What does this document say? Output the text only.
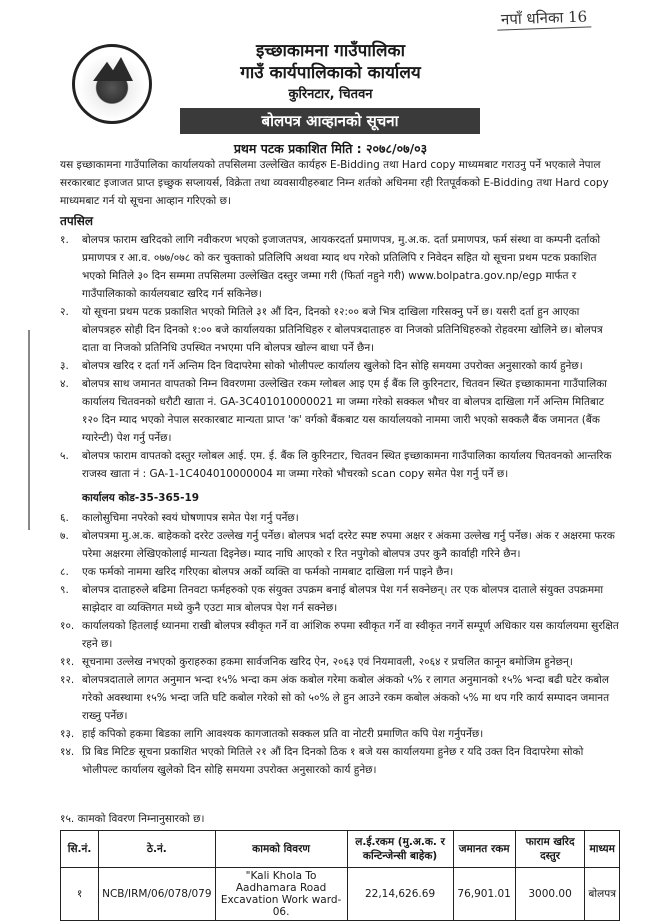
नपाँ धनिका 16
इच्छाकामना गाउँपालिका
गाउँ कार्यपालिकाको कार्यालय
कुरिनटार, चितवन
बोलपत्र आव्हानको सूचना
प्रथम पटक प्रकाशित मिति : २०७८/०७/०३
यस इच्छाकामना गाउँपालिका कार्यालयको तपसिलमा उल्लेखित कार्यहरु E-Bidding तथा Hard copy माध्यमबाट गराउनु पर्ने भएकाले नेपाल सरकारबाट इजाजत प्राप्त इच्छुक सप्लायर्स, विक्रेता तथा व्यवसायीहरुबाट निम्न शर्तको अधिनमा रही रितपूर्वकको E-Bidding तथा Hard copy माध्यमबाट गर्न यो सूचना आव्हान गरिएको छ।
तपसिल
१.	बोलपत्र फाराम खरिदको लागि नवीकरण भएको इजाजतपत्र, आयकरदर्ता प्रमाणपत्र, मु.अ.क. दर्ता प्रमाणपत्र, फर्म संस्था वा कम्पनी दर्ताको प्रमाणपत्र र आ.व. ०७७/०७८ को कर चुक्ताको प्रतिलिपि अथवा म्याद थप गरेको प्रतिलिपि र निवेदन सहित यो सूचना प्रथम पटक प्रकाशित भएको मितिले ३० दिन सम्ममा तपसिलमा उल्लेखित दस्तुर जम्मा गरी (फिर्ता नहुने गरी) www.bolpatra.gov.np/egp मार्फत र गाउँपालिकाको कार्यलयबाट खरिद गर्न सकिनेछ।
२.	यो सूचना प्रथम पटक प्रकाशित भएको मितिले ३१ औं दिन, दिनको १२:०० बजे भित्र दाखिला गरिसक्नु पर्ने छ। यसरी दर्ता हुन आएका बोलपत्रहरु सोही दिन दिनको १:०० बजे कार्यालयका प्रतिनिधिहरु र बोलपत्रदाताहरु वा निजको प्रतिनिधिहरुको रोहवरमा खोलिने छ। बोलपत्र दाता वा निजको प्रतिनिधि उपस्थित नभएमा पनि बोलपत्र खोल्न बाधा पर्ने छैन।
३.	बोलपत्र खरिद र दर्ता गर्ने अन्तिम दिन विदापरेमा सोको भोलीपल्ट कार्यालय खुलेको दिन सोहि समयमा उपरोक्त अनुसारको कार्य हुनेछ।
४.	बोलपत्र साथ जमानत वापतको निम्न विवरणमा उल्लेखित रकम ग्लोबल आइ एम ई बैंक लि कुरिनटार, चितवन स्थित इच्छाकामना गाउँपालिका कार्यालय चितवनको धरौटी खाता नं. GA-3C401010000021 मा जम्मा गरेको सक्कल भौचर वा बोलपत्र दाखिला गर्ने अन्तिम मितिबाट १२० दिन म्याद भएको नेपाल सरकारबाट मान्यता प्राप्त 'क' वर्गको बैंकबाट यस कार्यालयको नाममा जारी भएको सक्कलै बैंक जमानत (बैंक ग्यारेन्टी) पेश गर्नु पर्नेछ।
५.	बोलपत्र फाराम वापतको दस्तुर ग्लोबल आई. एम. ई. बैंक लि कुरिनटार, चितवन स्थित इच्छाकामना गाउँपालिका कार्यालय चितवनको आन्तरिक राजस्व खाता नं : GA-1-1C404010000004 मा जम्मा गरेको भौचरको scan copy समेत पेश गर्नु पर्ने छ।
कार्यालय कोड-35-365-19
६.	कालोसुचिमा नपरेको स्वयं घोषणापत्र समेत पेश गर्नु पर्नेछ।
७.	बोलपत्रमा मु.अ.क. बाहेकको दररेट उल्लेख गर्नु पर्नेछ। बोलपत्र भर्दा दररेट स्पष्ट रुपमा अक्षर र अंकमा उल्लेख गर्नु पर्नेछ। अंक र अक्षरमा फरक परेमा अक्षरमा लेखिएकोलाई मान्यता दिइनेछ। म्याद नाघि आएको र रित नपुगेको बोलपत्र उपर कुनै कार्वाही गरिने छैन।
८.	एक फर्मको नाममा खरिद गरिएका बोलपत्र अर्को व्यक्ति वा फर्मको नामबाट दाखिला गर्न पाइने छैन।
९.	बोलपत्र दाताहरुले बढिमा तिनवटा फर्महरुको एक संयुक्त उपक्रम बनाई बोलपत्र पेश गर्न सक्नेछन्। तर एक बोलपत्र दाताले संयुक्त उपक्रममा साझेदार वा व्यक्तिगत मध्ये कुनै एउटा मात्र बोलपत्र पेश गर्न सक्नेछ।
१०. कार्यालयको हितलाई ध्यानमा राखी बोलपत्र स्वीकृत गर्ने वा आंशिक रुपमा स्वीकृत गर्ने वा स्वीकृत नगर्ने सम्पूर्ण अधिकार यस कार्यालयमा सुरक्षित रहने छ।
११. सूचनामा उल्लेख नभएको कुराहरुका हकमा सार्वजनिक खरिद ऐन, २०६३ एवं नियमावली, २०६४ र प्रचलित कानून बमोजिम हुनेछन्।
१२. बोलपत्रदाताले लागत अनुमान भन्दा १५% भन्दा कम अंक कबोल गरेमा कबोल अंकको ५% र लागत अनुमानको १५% भन्दा बढी घटेर कबोल गरेको अवस्थामा १५% भन्दा जति घटि कबोल गरेको सो को ५०% ले हुन आउने रकम कबोल अंकको ५% मा थप गरि कार्य सम्पादन जमानत राख्नु पर्नेछ।
१३. हाई कपिको हकमा बिडका लागि आवश्यक कागजातको सक्कल प्रति वा नोटरी प्रमाणित कपि पेश गर्नुपर्नेछ।
१४. प्रि बिड मिटिङ सूचना प्रकाशित भएको मितिले २१ औं दिन दिनको ठिक १ बजे यस कार्यालयमा हुनेछ र यदि उक्त दिन विदापरेमा सोको भोलीपल्ट कार्यालय खुलेको दिन सोहि समयमा उपरोक्त अनुसारको कार्य हुनेछ।
१५. कामको विवरण निम्नानुसारको छ।
सि.नं.	ठे.नं.	कामको विवरण	ल.ई.रकम (मु.अ.क. र कन्टिन्जेन्सी बाहेक)	जमानत रकम	फाराम खरिद दस्तुर	माध्यम
१	NCB/IRM/06/078/079	"Kali Khola To Aadhamara Road Excavation Work ward-06.	22,14,626.69	76,901.01	3000.00	बोलपत्र
